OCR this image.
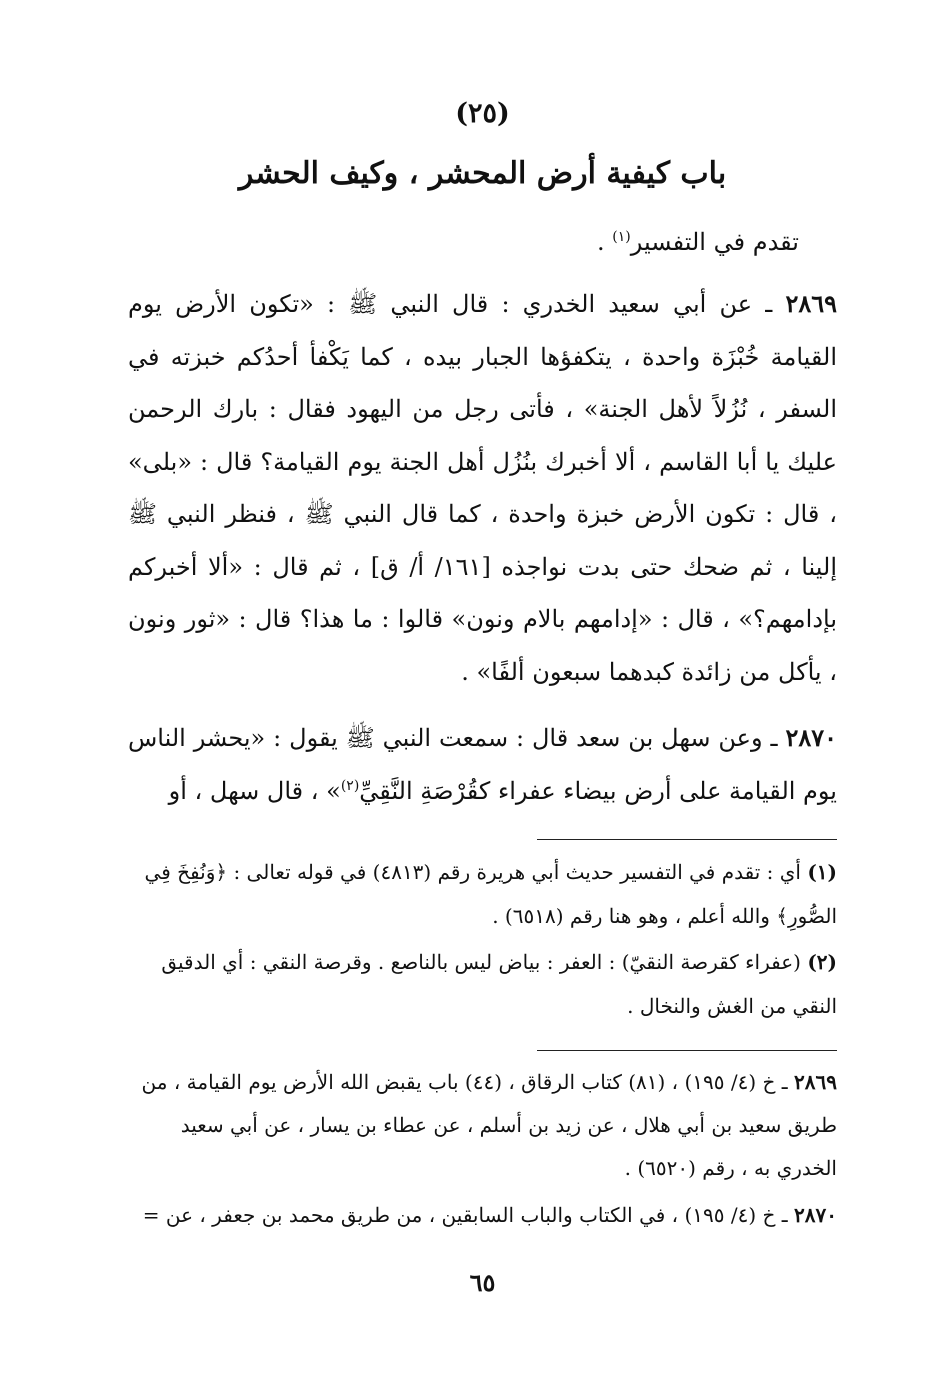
(٢٥)
باب كيفية أرض المحشر ، وكيف الحشر
تقدم في التفسير$^{(١)}$ .
٢٨٦٩ ـ عن أبي سعيد الخدري : قال النبي ﷺ : «تكون الأرض يوم القيامة خُبْزَة واحدة ، يتكفؤها الجبار بيده ، كما يَكْفأ أحدُكم خبزته في السفر ، نُزُلاً لأهل الجنة» ، فأتى رجل من اليهود فقال : بارك الرحمن عليك يا أبا القاسم ، ألا أخبرك بنُزُل أهل الجنة يوم القيامة؟ قال : «بلى» ، قال : تكون الأرض خبزة واحدة ، كما قال النبي ﷺ ، فنظر النبي ﷺ إلينا ، ثم ضحك حتى بدت نواجذه [١٦١/ أ/ ق] ، ثم قال : «ألا أخبركم بإدامهم؟» ، قال : «إدامهم بالام ونون» قالوا : ما هذا؟ قال : «ثور ونون ، يأكل من زائدة كبدهما سبعون ألفًا» .
٢٨٧٠ ـ وعن سهل بن سعد قال : سمعت النبي ﷺ يقول : «يحشر الناس يوم القيامة على أرض بيضاء عفراء كقُرْصَةِ النَّقِيِّ$^{(٢)}$» ، قال سهل ، أو
(١) أي : تقدم في التفسير حديث أبي هريرة رقم (٤٨١٣) في قوله تعالى : ﴿وَنُفِخَ فِي الصُّورِ﴾ والله أعلم ، وهو هنا رقم (٦٥١٨) .
(٢) (عفراء كقرصة النقيّ) : العفر : بياض ليس بالناصع . وقرصة النقي : أي الدقيق النقي من الغش والنخال .
٢٨٦٩ ـ خ (٤/ ١٩٥) ، (٨١) كتاب الرقاق ، (٤٤) باب يقبض الله الأرض يوم القيامة ، من طريق سعيد بن أبي هلال ، عن زيد بن أسلم ، عن عطاء بن يسار ، عن أبي سعيد الخدري به ، رقم (٦٥٢٠) .
٢٨٧٠ ـ خ (٤/ ١٩٥) ، في الكتاب والباب السابقين ، من طريق محمد بن جعفر ، عن =
٦٥
